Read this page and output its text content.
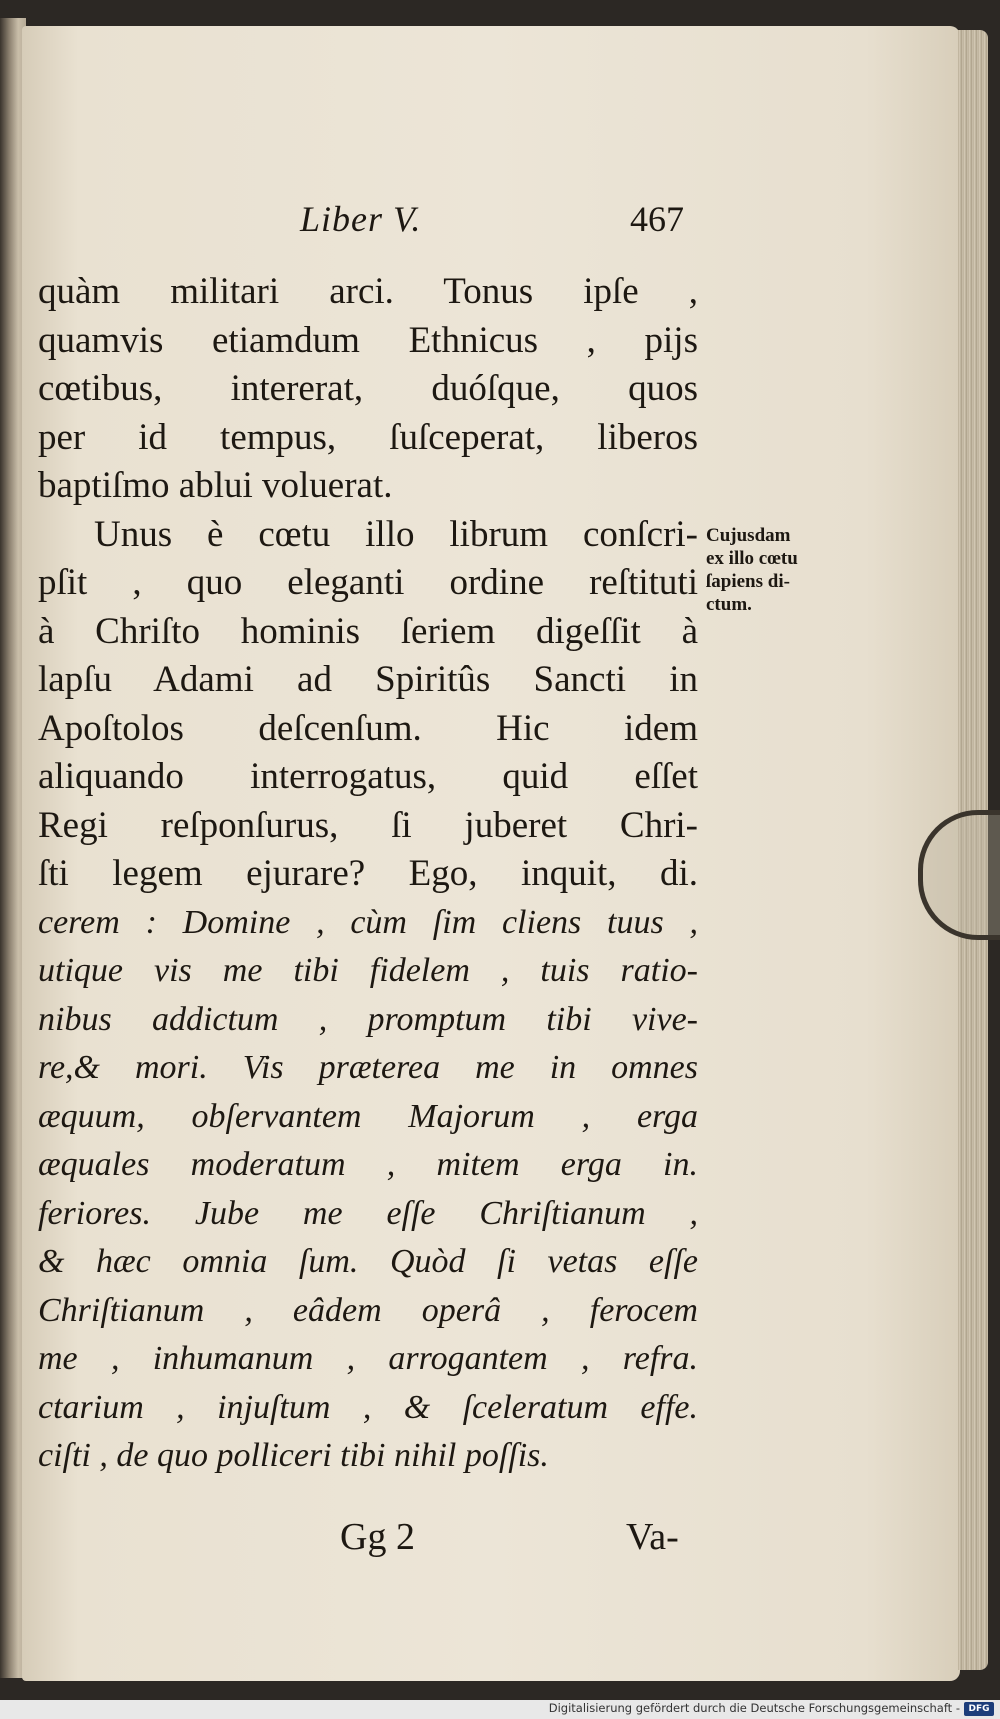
Liber V.	467
quàm militari arci. Tonus ipſe ,
quamvis etiamdum Ethnicus , pijs
cœtibus, intererat, duóſque, quos
per id tempus, ſuſceperat, liberos
baptiſmo ablui voluerat.
Unus è cœtu illo librum conſcri-
pſit , quo eleganti ordine reſtituti
à Chriſto hominis ſeriem digeſſit à
lapſu Adami ad Spiritûs Sancti in
Apoſtolos deſcenſum. Hic idem
aliquando interrogatus, quid eſſet
Regi reſponſurus, ſi juberet Chri-
ſti legem ejurare? Ego, inquit, di.
cerem : Domine , cùm ſim cliens tuus ,
utique vis me tibi fidelem , tuis ratio-
nibus addictum , promptum tibi vive-
re,& mori. Vis præterea me in omnes
æquum, obſervantem Majorum , erga
æquales moderatum , mitem erga in.
feriores. Jube me eſſe Chriſtianum ,
& hæc omnia ſum. Quòd ſi vetas eſſe
Chriſtianum , eâdem operâ , ferocem
me , inhumanum , arrogantem , refra.
ctarium , injuſtum , & ſceleratum effe.
ciſti , de quo polliceri tibi nihil poſſis.
Cujusdam
ex illo cœtu
ſapiens di-
ctum.
Gg 2	Va-
Digitalisierung gefördert durch die Deutsche Forschungsgemeinschaft - DFG
